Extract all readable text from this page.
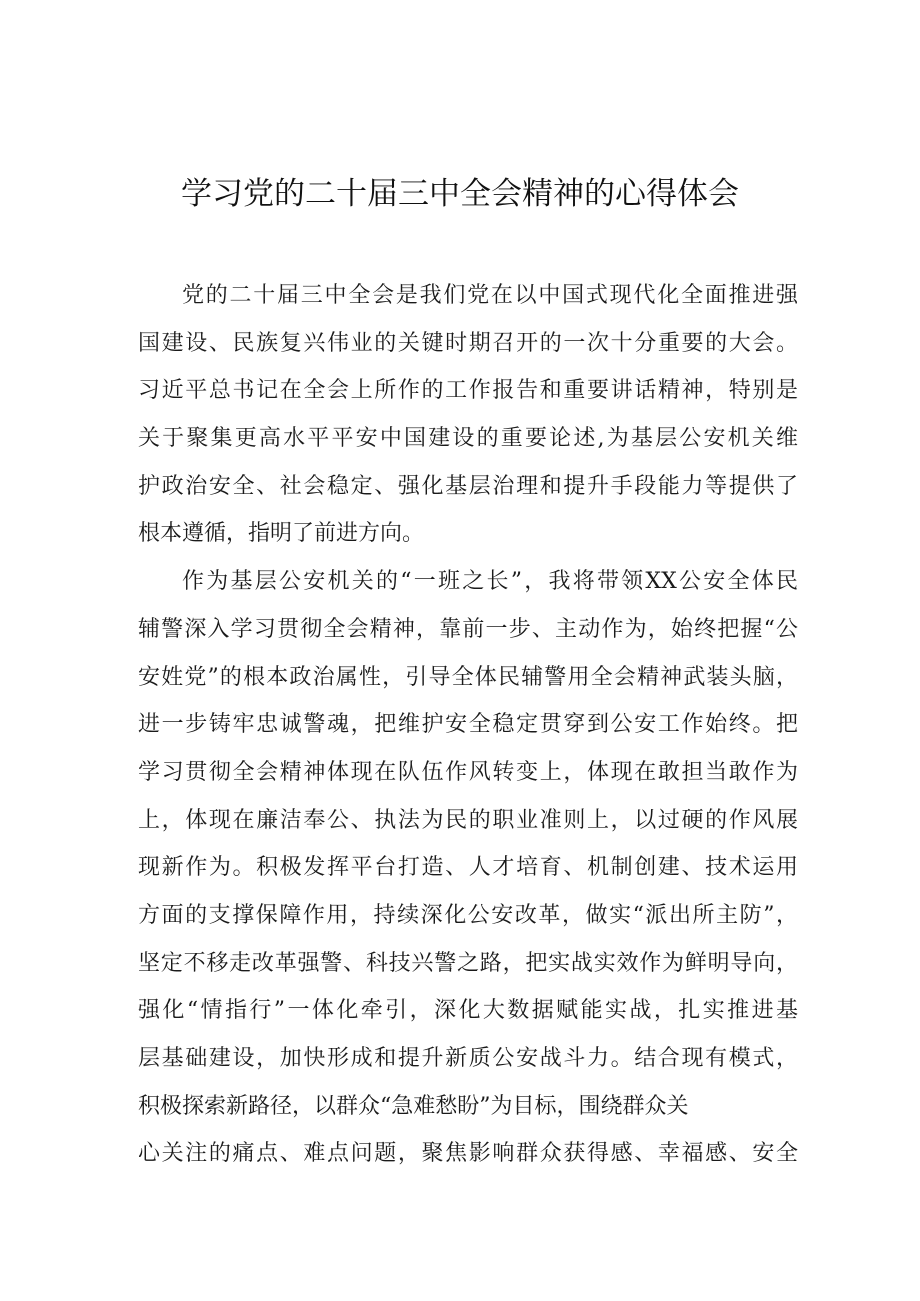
学习党的二十届三中全会精神的心得体会
党的二十届三中全会是我们党在以中国式现代化全面推进强
国建设、民族复兴伟业的关键时期召开的一次十分重要的大会。
习近平总书记在全会上所作的工作报告和重要讲话精神，特别是
关于聚集更高水平平安中国建设的重要论述,为基层公安机关维
护政治安全、社会稳定、强化基层治理和提升手段能力等提供了
根本遵循，指明了前进方向。
作为基层公安机关的“一班之长”，我将带领XX公安全体民
辅警深入学习贯彻全会精神，靠前一步、主动作为，始终把握“公
安姓党”的根本政治属性，引导全体民辅警用全会精神武装头脑，
进一步铸牢忠诚警魂，把维护安全稳定贯穿到公安工作始终。把
学习贯彻全会精神体现在队伍作风转变上，体现在敢担当敢作为
上，体现在廉洁奉公、执法为民的职业准则上，以过硬的作风展
现新作为。积极发挥平台打造、人才培育、机制创建、技术运用
方面的支撑保障作用，持续深化公安改革，做实“派出所主防”，
坚定不移走改革强警、科技兴警之路，把实战实效作为鲜明导向，
强化“情指行”一体化牵引，深化大数据赋能实战，扎实推进基
层基础建设，加快形成和提升新质公安战斗力。结合现有模式，
积极探索新路径，以群众“急难愁盼”为目标，围绕群众关
心关注的痛点、难点问题，聚焦影响群众获得感、幸福感、安全
